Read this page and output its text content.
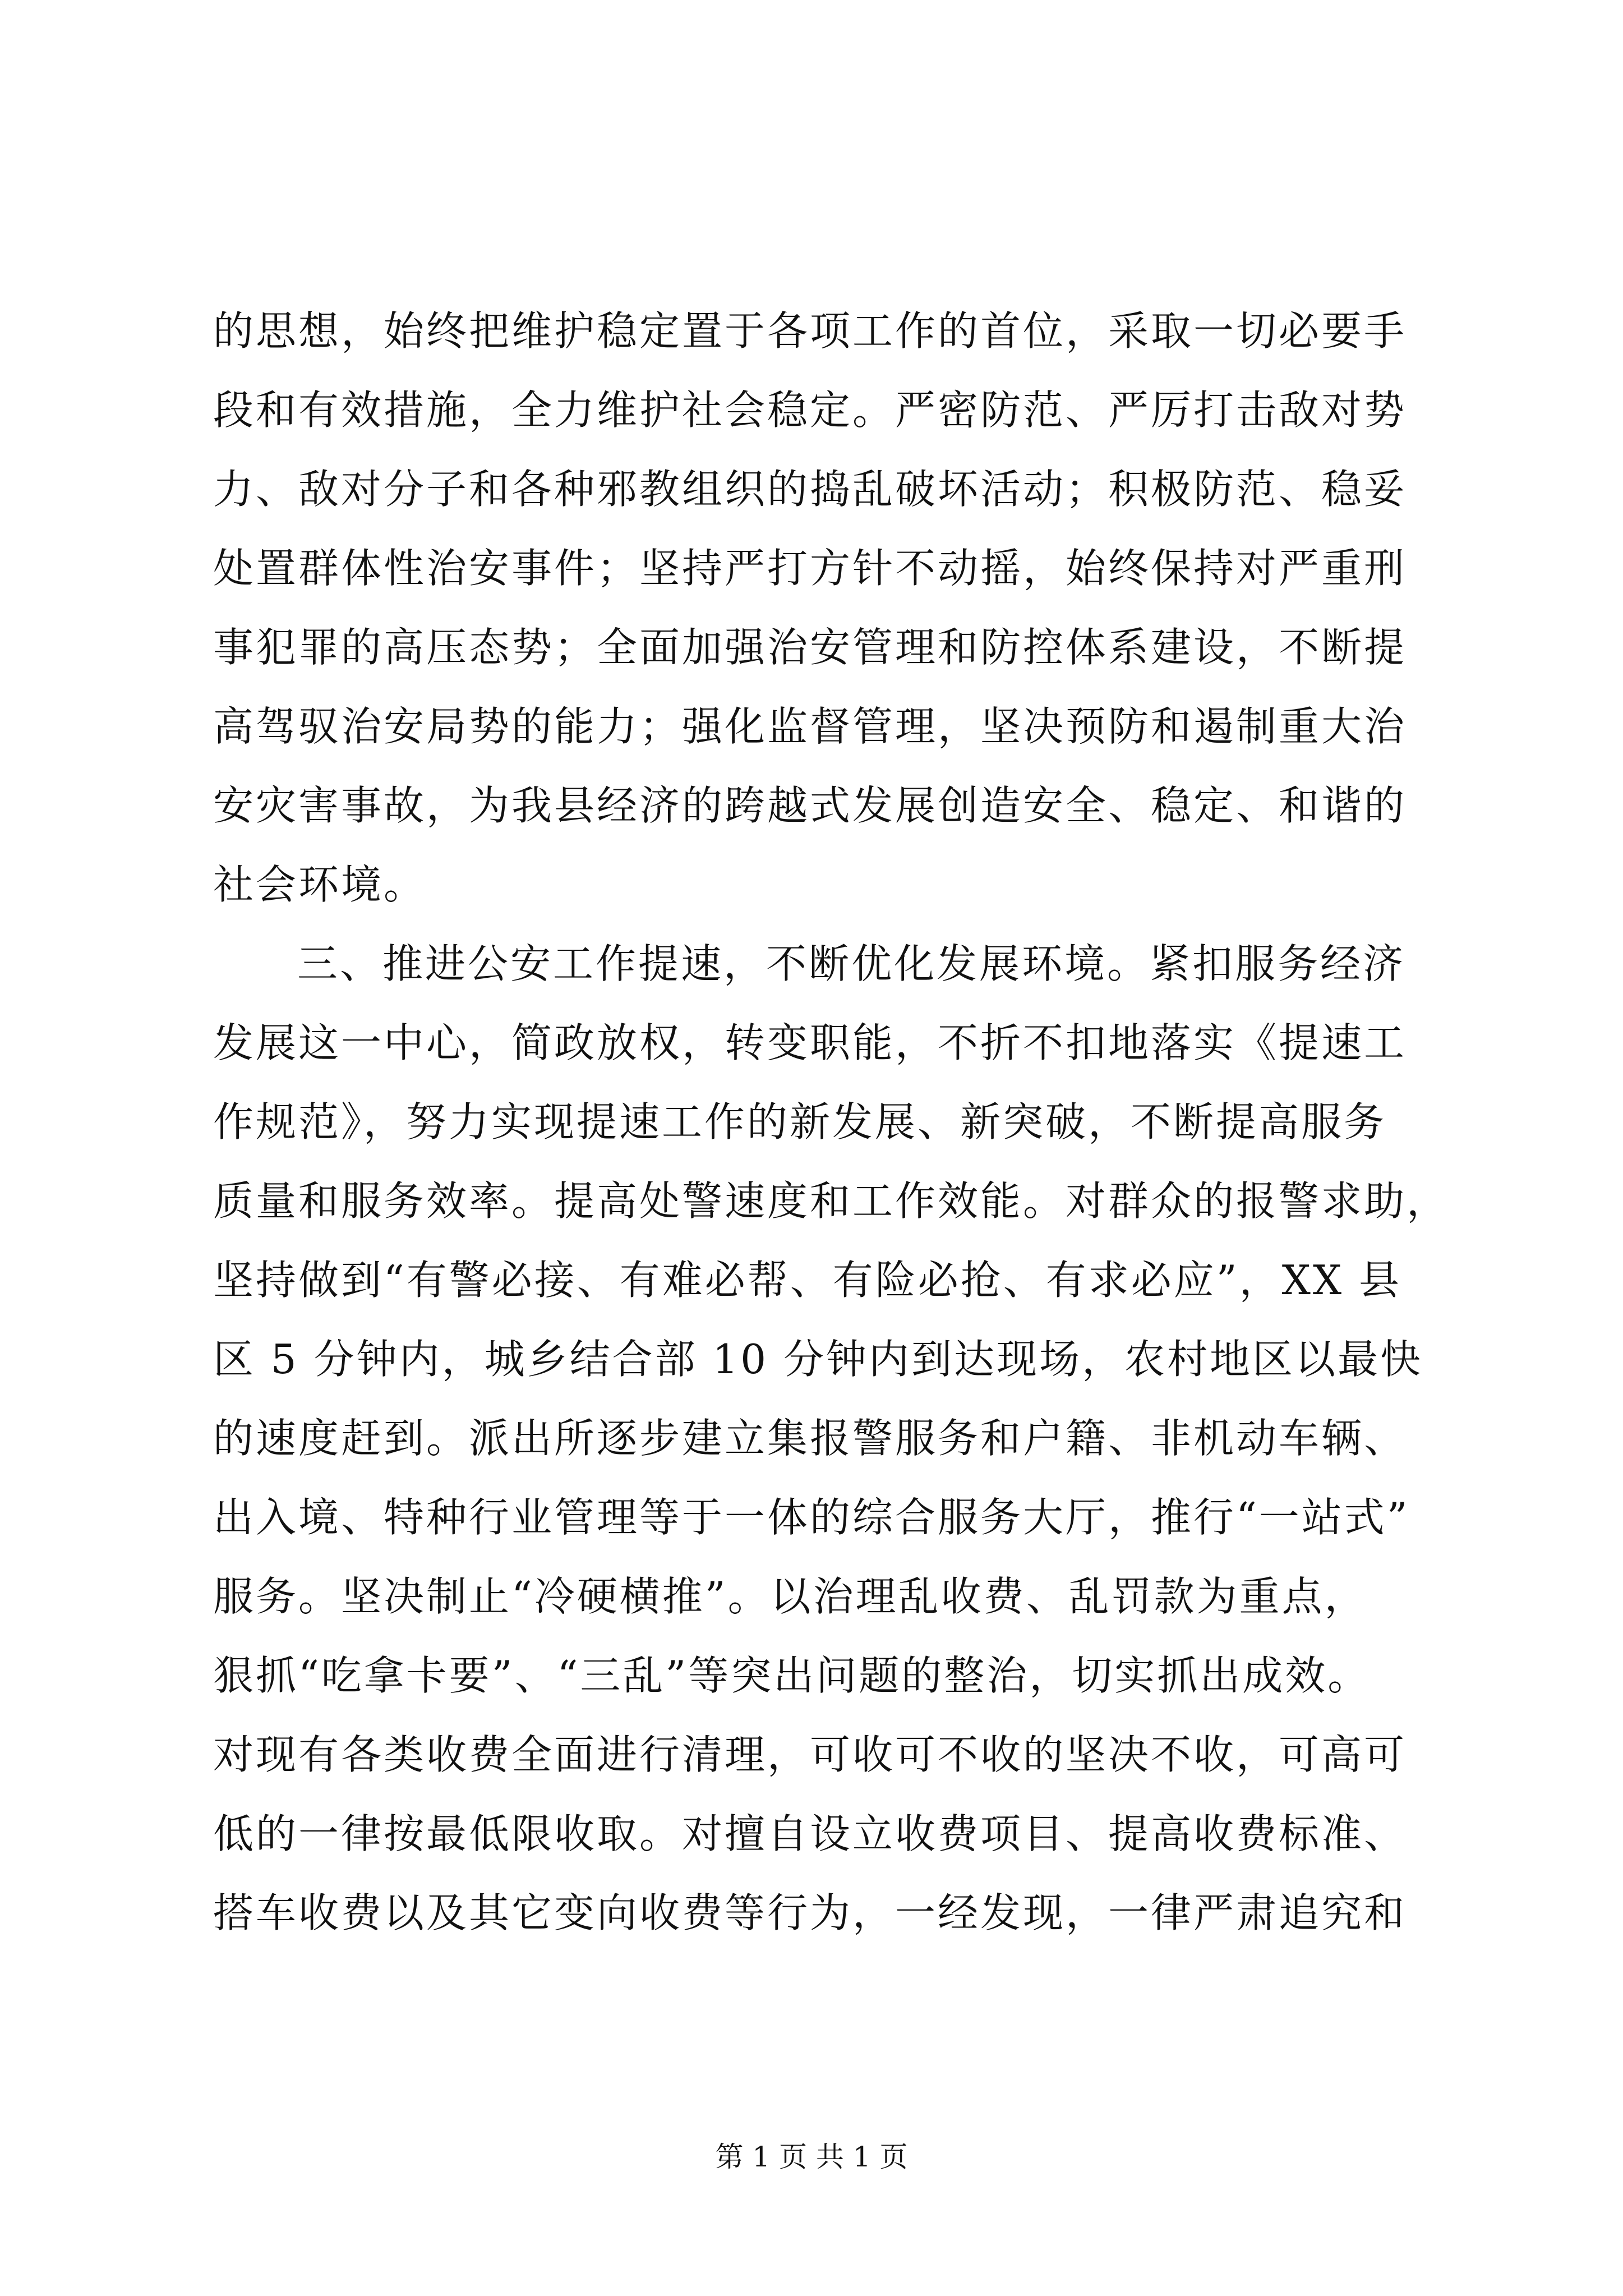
的思想，始终把维护稳定置于各项工作的首位，采取一切必要手
段和有效措施，全力维护社会稳定。严密防范、严厉打击敌对势
力、敌对分子和各种邪教组织的捣乱破坏活动；积极防范、稳妥
处置群体性治安事件；坚持严打方针不动摇，始终保持对严重刑
事犯罪的高压态势；全面加强治安管理和防控体系建设，不断提
高驾驭治安局势的能力；强化监督管理，坚决预防和遏制重大治
安灾害事故，为我县经济的跨越式发展创造安全、稳定、和谐的
社会环境。
三、推进公安工作提速，不断优化发展环境。紧扣服务经济
发展这一中心，简政放权，转变职能，不折不扣地落实《提速工
作规范》，努力实现提速工作的新发展、新突破，不断提高服务
质量和服务效率。提高处警速度和工作效能。对群众的报警求助，
坚持做到“有警必接、有难必帮、有险必抢、有求必应”，XX 县
区 5 分钟内，城乡结合部 10 分钟内到达现场，农村地区以最快
的速度赶到。派出所逐步建立集报警服务和户籍、非机动车辆、
出入境、特种行业管理等于一体的综合服务大厅，推行“一站式”
服务。坚决制止“冷硬横推”。以治理乱收费、乱罚款为重点，
狠抓“吃拿卡要”、“三乱”等突出问题的整治，切实抓出成效。
对现有各类收费全面进行清理，可收可不收的坚决不收，可高可
低的一律按最低限收取。对擅自设立收费项目、提高收费标准、
搭车收费以及其它变向收费等行为，一经发现，一律严肃追究和
第 1 页 共 1 页
